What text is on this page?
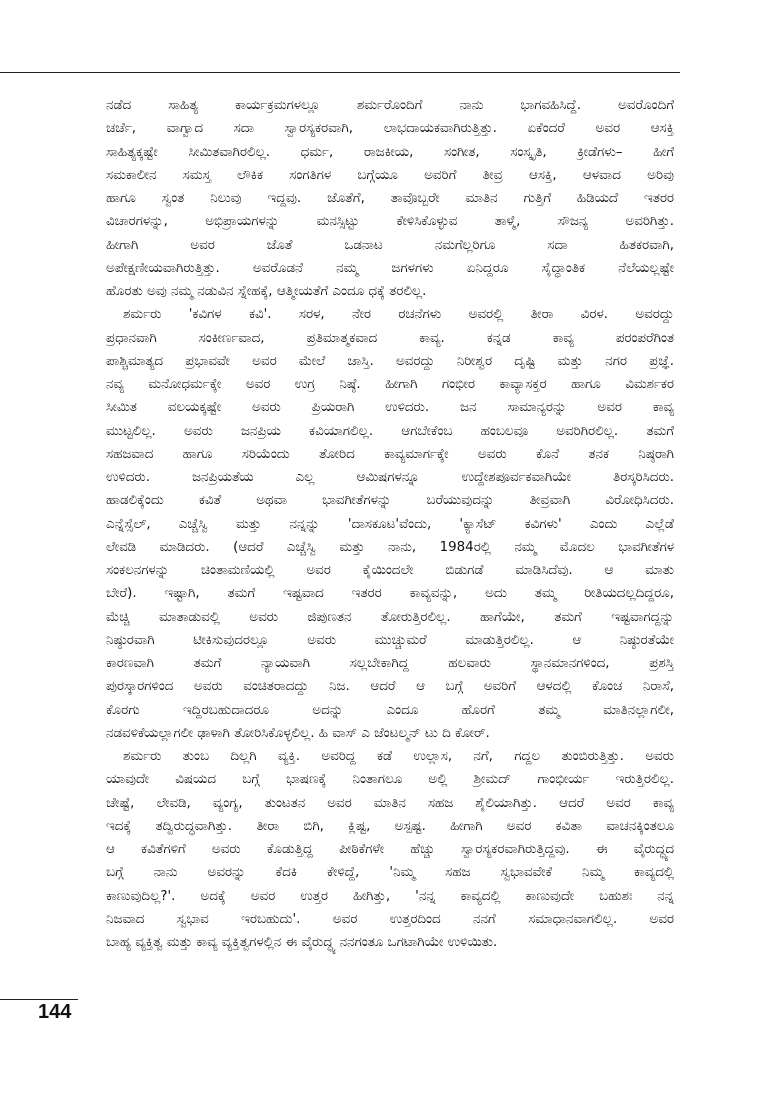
ನಡೆದ ಸಾಹಿತ್ಯ ಕಾರ್ಯಕ್ರಮಗಳಲ್ಲೂ ಶರ್ಮರೊಂದಿಗೆ ನಾನು ಭಾಗವಹಿಸಿದ್ದೆ. ಅವರೊಂದಿಗೆ
ಚರ್ಚೆ, ವಾಗ್ವಾದ ಸದಾ ಸ್ವಾರಸ್ಯಕರವಾಗಿ, ಲಾಭದಾಯಕವಾಗಿರುತ್ತಿತ್ತು. ಏಕೆಂದರೆ ಅವರ ಆಸಕ್ತಿ
ಸಾಹಿತ್ಯಕ್ಕಷ್ಟೇ ಸೀಮಿತವಾಗಿರಲಿಲ್ಲ. ಧರ್ಮ, ರಾಜಕೀಯ, ಸಂಗೀತ, ಸಂಸ್ಕೃತಿ, ಕ್ರೀಡೆಗಳು– ಹೀಗೆ
ಸಮಕಾಲೀನ ಸಮಸ್ತ ಲೌಕಿಕ ಸಂಗತಿಗಳ ಬಗ್ಗೆಯೂ ಅವರಿಗೆ ತೀವ್ರ ಆಸಕ್ತಿ, ಆಳವಾದ ಅರಿವು
ಹಾಗೂ ಸ್ವಂತ ನಿಲುವು ಇದ್ದವು. ಜೊತೆಗೆ, ತಾವೊಬ್ಬರೇ ಮಾತಿನ ಗುತ್ತಿಗೆ ಹಿಡಿಯದೆ ಇತರರ
ವಿಚಾರಗಳನ್ನು, ಅಭಿಪ್ರಾಯಗಳನ್ನು ಮನಸ್ಸಿಟ್ಟು ಕೇಳಿಸಿಕೊಳ್ಳುವ ತಾಳ್ಮೆ, ಸೌಜನ್ಯ ಅವರಿಗಿತ್ತು.
ಹೀಗಾಗಿ ಅವರ ಜೊತೆ ಒಡನಾಟ ನಮಗೆಲ್ಲರಿಗೂ ಸದಾ ಹಿತಕರವಾಗಿ,
ಅಪೇಕ್ಷಣೀಯವಾಗಿರುತ್ತಿತ್ತು. ಅವರೊಡನೆ ನಮ್ಮ ಜಗಳಗಳು ಏನಿದ್ದರೂ ಸೈದ್ಧಾಂತಿಕ ನೆಲೆಯಲ್ಲಷ್ಟೇ
ಹೊರತು ಅವು ನಮ್ಮ ನಡುವಿನ ಸ್ನೇಹಕ್ಕೆ, ಆತ್ಮೀಯತೆಗೆ ಎಂದೂ ಧಕ್ಕೆ ತರಲಿಲ್ಲ.
ಶರ್ಮರು 'ಕವಿಗಳ ಕವಿ'. ಸರಳ, ನೇರ ರಚನೆಗಳು ಅವರಲ್ಲಿ ತೀರಾ ವಿರಳ. ಅವರದ್ದು
ಪ್ರಧಾನವಾಗಿ ಸಂಕೀರ್ಣವಾದ, ಪ್ರತಿಮಾತ್ಮಕವಾದ ಕಾವ್ಯ. ಕನ್ನಡ ಕಾವ್ಯ ಪರಂಪರೆಗಿಂತ
ಪಾಶ್ಚಿಮಾತ್ಯದ ಪ್ರಭಾವವೇ ಅವರ ಮೇಲೆ ಜಾಸ್ತಿ. ಅವರದ್ದು ನಿರೀಶ್ವರ ದೃಷ್ಟಿ ಮತ್ತು ನಗರ ಪ್ರಜ್ಞೆ.
ನವ್ಯ ಮನೋಧರ್ಮಕ್ಕೇ ಅವರ ಉಗ್ರ ನಿಷ್ಠೆ. ಹೀಗಾಗಿ ಗಂಭೀರ ಕಾವ್ಯಾಸಕ್ತರ ಹಾಗೂ ವಿಮರ್ಶಕರ
ಸೀಮಿತ ವಲಯಕ್ಕಷ್ಟೇ ಅವರು ಪ್ರಿಯರಾಗಿ ಉಳಿದರು. ಜನ ಸಾಮಾನ್ಯರನ್ನು ಅವರ ಕಾವ್ಯ
ಮುಟ್ಟಲಿಲ್ಲ. ಅವರು ಜನಪ್ರಿಯ ಕವಿಯಾಗಲಿಲ್ಲ. ಆಗಬೇಕೆಂಬ ಹಂಬಲವೂ ಅವರಿಗಿರಲಿಲ್ಲ. ತಮಗೆ
ಸಹಜವಾದ ಹಾಗೂ ಸರಿಯೆಂದು ತೋರಿದ ಕಾವ್ಯಮಾರ್ಗಕ್ಕೇ ಅವರು ಕೊನೆ ತನಕ ನಿಷ್ಠರಾಗಿ
ಉಳಿದರು. ಜನಪ್ರಿಯತೆಯ ಎಲ್ಲ ಆಮಿಷಗಳನ್ನೂ ಉದ್ದೇಶಪೂರ್ವಕವಾಗಿಯೇ ತಿರಸ್ಕರಿಸಿದರು.
ಹಾಡಲಿಕ್ಕೆಂದು ಕವಿತೆ ಅಥವಾ ಭಾವಗೀತೆಗಳನ್ನು ಬರೆಯುವುದನ್ನು ತೀವ್ರವಾಗಿ ವಿರೋಧಿಸಿದರು.
ಎನ್ನೆಸ್ಸೆಲ್, ಎಚ್ಚೆಸ್ವಿ ಮತ್ತು ನನ್ನನ್ನು 'ದಾಸಕೂಟ'ವೆಂದು, 'ಕ್ಯಾಸೆಟ್ ಕವಿಗಳು' ಎಂದು ಎಲ್ಲೆಡೆ
ಲೇವಡಿ ಮಾಡಿದರು. (ಆದರೆ ಎಚ್ಚೆಸ್ವಿ ಮತ್ತು ನಾನು, 1984ರಲ್ಲಿ ನಮ್ಮ ಮೊದಲ ಭಾವಗೀತೆಗಳ
ಸಂಕಲನಗಳನ್ನು ಚಿಂತಾಮಣಿಯಲ್ಲಿ ಅವರ ಕೈಯಿಂದಲೇ ಬಿಡುಗಡೆ ಮಾಡಿಸಿದೆವು. ಆ ಮಾತು
ಬೇರೆ). ಇಷ್ಟಾಗಿ, ತಮಗೆ ಇಷ್ಟವಾದ ಇತರರ ಕಾವ್ಯವನ್ನು, ಅದು ತಮ್ಮ ರೀತಿಯದಲ್ಲದಿದ್ದರೂ,
ಮೆಚ್ಚಿ ಮಾತಾಡುವಲ್ಲಿ ಅವರು ಜಿಪುಣತನ ತೋರುತ್ತಿರಲಿಲ್ಲ. ಹಾಗೆಯೇ, ತಮಗೆ ಇಷ್ಟವಾಗದ್ದನ್ನು
ನಿಷ್ಠುರವಾಗಿ ಟೀಕಿಸುವುದರಲ್ಲೂ ಅವರು ಮುಚ್ಚುಮರೆ ಮಾಡುತ್ತಿರಲಿಲ್ಲ. ಆ ನಿಷ್ಠುರತೆಯೇ
ಕಾರಣವಾಗಿ ತಮಗೆ ನ್ಯಾಯವಾಗಿ ಸಲ್ಲಬೇಕಾಗಿದ್ದ ಹಲವಾರು ಸ್ಥಾನಮಾನಗಳಿಂದ, ಪ್ರಶಸ್ತಿ
ಪುರಸ್ಕಾರಗಳಿಂದ ಅವರು ವಂಚಿತರಾದದ್ದು ನಿಜ. ಆದರೆ ಆ ಬಗ್ಗೆ ಅವರಿಗೆ ಆಳದಲ್ಲಿ ಕೊಂಚ ನಿರಾಸೆ,
ಕೊರಗು ಇದ್ದಿರಬಹುದಾದರೂ ಅದನ್ನು ಎಂದೂ ಹೊರಗೆ ತಮ್ಮ ಮಾತಿನಲ್ಲಾಗಲೀ,
ನಡವಳಿಕೆಯಲ್ಲಾಗಲೀ ಢಾಳಾಗಿ ತೋರಿಸಿಕೊಳ್ಳಲಿಲ್ಲ. ಹಿ ವಾಸ್ ಎ ಜೆಂಟಲ್ಮನ್ ಟು ದಿ ಕೋರ್.
ಶರ್ಮರು ತುಂಬ ದಿಲ್ಲಗಿ ವ್ಯಕ್ತಿ. ಅವರಿದ್ದ ಕಡೆ ಉಲ್ಲಾಸ, ನಗೆ, ಗದ್ದಲ ತುಂಬಿರುತ್ತಿತ್ತು. ಅವರು
ಯಾವುದೇ ವಿಷಯದ ಬಗ್ಗೆ ಭಾಷಣಕ್ಕೆ ನಿಂತಾಗಲೂ ಅಲ್ಲಿ ಶ್ರೀಮದ್ ಗಾಂಭೀರ್ಯ ಇರುತ್ತಿರಲಿಲ್ಲ.
ಚೇಷ್ಟೆ, ಲೇವಡಿ, ವ್ಯಂಗ್ಯ, ತುಂಟತನ ಅವರ ಮಾತಿನ ಸಹಜ ಶೈಲಿಯಾಗಿತ್ತು. ಆದರೆ ಅವರ ಕಾವ್ಯ
ಇದಕ್ಕೆ ತದ್ವಿರುದ್ಧವಾಗಿತ್ತು. ತೀರಾ ಬಿಗಿ, ಕ್ಲಿಷ್ಟ, ಅಸ್ಪಷ್ಟ. ಹೀಗಾಗಿ ಅವರ ಕವಿತಾ ವಾಚನಕ್ಕಿಂತಲೂ
ಆ ಕವಿತೆಗಳಿಗೆ ಅವರು ಕೊಡುತ್ತಿದ್ದ ಪೀಠಿಕೆಗಳೇ ಹೆಚ್ಚು ಸ್ವಾರಸ್ಯಕರವಾಗಿರುತ್ತಿದ್ದವು. ಈ ವೈರುದ್ಧ್ಯದ
ಬಗ್ಗೆ ನಾನು ಅವರನ್ನು ಕೆದಕಿ ಕೇಳಿದ್ದೆ, 'ನಿಮ್ಮ ಸಹಜ ಸ್ವಭಾವವೇಕೆ ನಿಮ್ಮ ಕಾವ್ಯದಲ್ಲಿ
ಕಾಣುವುದಿಲ್ಲ?'. ಅದಕ್ಕೆ ಅವರ ಉತ್ತರ ಹೀಗಿತ್ತು, 'ನನ್ನ ಕಾವ್ಯದಲ್ಲಿ ಕಾಣುವುದೇ ಬಹುಶಃ ನನ್ನ
ನಿಜವಾದ ಸ್ವಭಾವ ಇರಬಹುದು'. ಅವರ ಉತ್ತರದಿಂದ ನನಗೆ ಸಮಾಧಾನವಾಗಲಿಲ್ಲ. ಅವರ
ಬಾಹ್ಯ ವ್ಯಕ್ತಿತ್ವ ಮತ್ತು ಕಾವ್ಯ ವ್ಯಕ್ತಿತ್ವಗಳಲ್ಲಿನ ಈ ವೈರುದ್ಧ್ಯ ನನಗಂತೂ ಒಗಟಾಗಿಯೇ ಉಳಿಯಿತು.
144
